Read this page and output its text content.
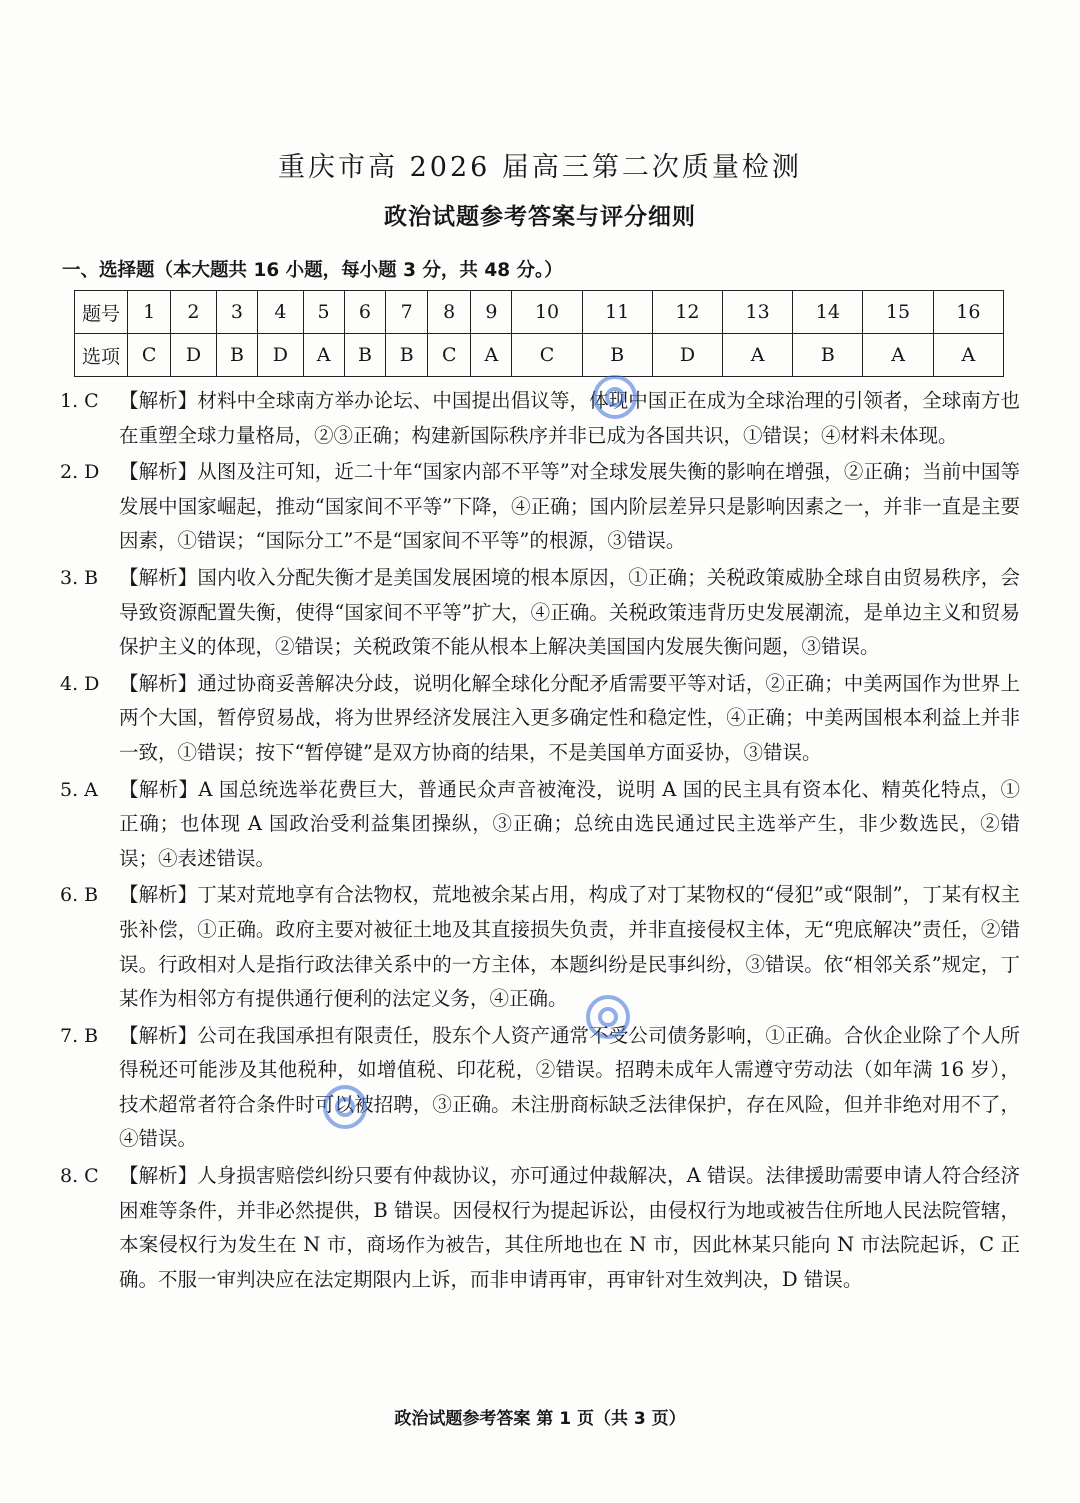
重庆市高 2026 届高三第二次质量检测
政治试题参考答案与评分细则
一、选择题（本大题共 16 小题，每小题 3 分，共 48 分。）
题号	1	2	3	4	5	6	7	8	9	10	11	12	13	14	15	16
选项	C	D	B	D	A	B	B	C	A	C	B	D	A	B	A	A
1. C 【解析】材料中全球南方举办论坛、中国提出倡议等，体现中国正在成为全球治理的引领者，全球南方也在重塑全球力量格局，②③正确；构建新国际秩序并非已成为各国共识，①错误；④材料未体现。
2. D 【解析】从图及注可知，近二十年“国家内部不平等”对全球发展失衡的影响在增强，②正确；当前中国等发展中国家崛起，推动“国家间不平等”下降，④正确；国内阶层差异只是影响因素之一，并非一直是主要因素，①错误；“国际分工”不是“国家间不平等”的根源，③错误。
3. B 【解析】国内收入分配失衡才是美国发展困境的根本原因，①正确；关税政策威胁全球自由贸易秩序，会导致资源配置失衡，使得“国家间不平等”扩大，④正确。关税政策违背历史发展潮流，是单边主义和贸易保护主义的体现，②错误；关税政策不能从根本上解决美国国内发展失衡问题，③错误。
4. D 【解析】通过协商妥善解决分歧，说明化解全球化分配矛盾需要平等对话，②正确；中美两国作为世界上两个大国，暂停贸易战，将为世界经济发展注入更多确定性和稳定性，④正确；中美两国根本利益上并非一致，①错误；按下“暂停键”是双方协商的结果，不是美国单方面妥协，③错误。
5. A 【解析】A 国总统选举花费巨大，普通民众声音被淹没，说明 A 国的民主具有资本化、精英化特点，①正确；也体现 A 国政治受利益集团操纵，③正确；总统由选民通过民主选举产生，非少数选民，②错误；④表述错误。
6. B 【解析】丁某对荒地享有合法物权，荒地被余某占用，构成了对丁某物权的“侵犯”或“限制”，丁某有权主张补偿，①正确。政府主要对被征土地及其直接损失负责，并非直接侵权主体，无“兜底解决”责任，②错误。行政相对人是指行政法律关系中的一方主体，本题纠纷是民事纠纷，③错误。依“相邻关系”规定，丁某作为相邻方有提供通行便利的法定义务，④正确。
7. B 【解析】公司在我国承担有限责任，股东个人资产通常不受公司债务影响，①正确。合伙企业除了个人所得税还可能涉及其他税种，如增值税、印花税，②错误。招聘未成年人需遵守劳动法（如年满 16 岁），技术超常者符合条件时可以被招聘，③正确。未注册商标缺乏法律保护，存在风险，但并非绝对用不了，④错误。
8. C 【解析】人身损害赔偿纠纷只要有仲裁协议，亦可通过仲裁解决，A 错误。法律援助需要申请人符合经济困难等条件，并非必然提供，B 错误。因侵权行为提起诉讼，由侵权行为地或被告住所地人民法院管辖，本案侵权行为发生在 N 市，商场作为被告，其住所地也在 N 市，因此林某只能向 N 市法院起诉，C 正确。不服一审判决应在法定期限内上诉，而非申请再审，再审针对生效判决，D 错误。
政治试题参考答案 第 1 页（共 3 页）
